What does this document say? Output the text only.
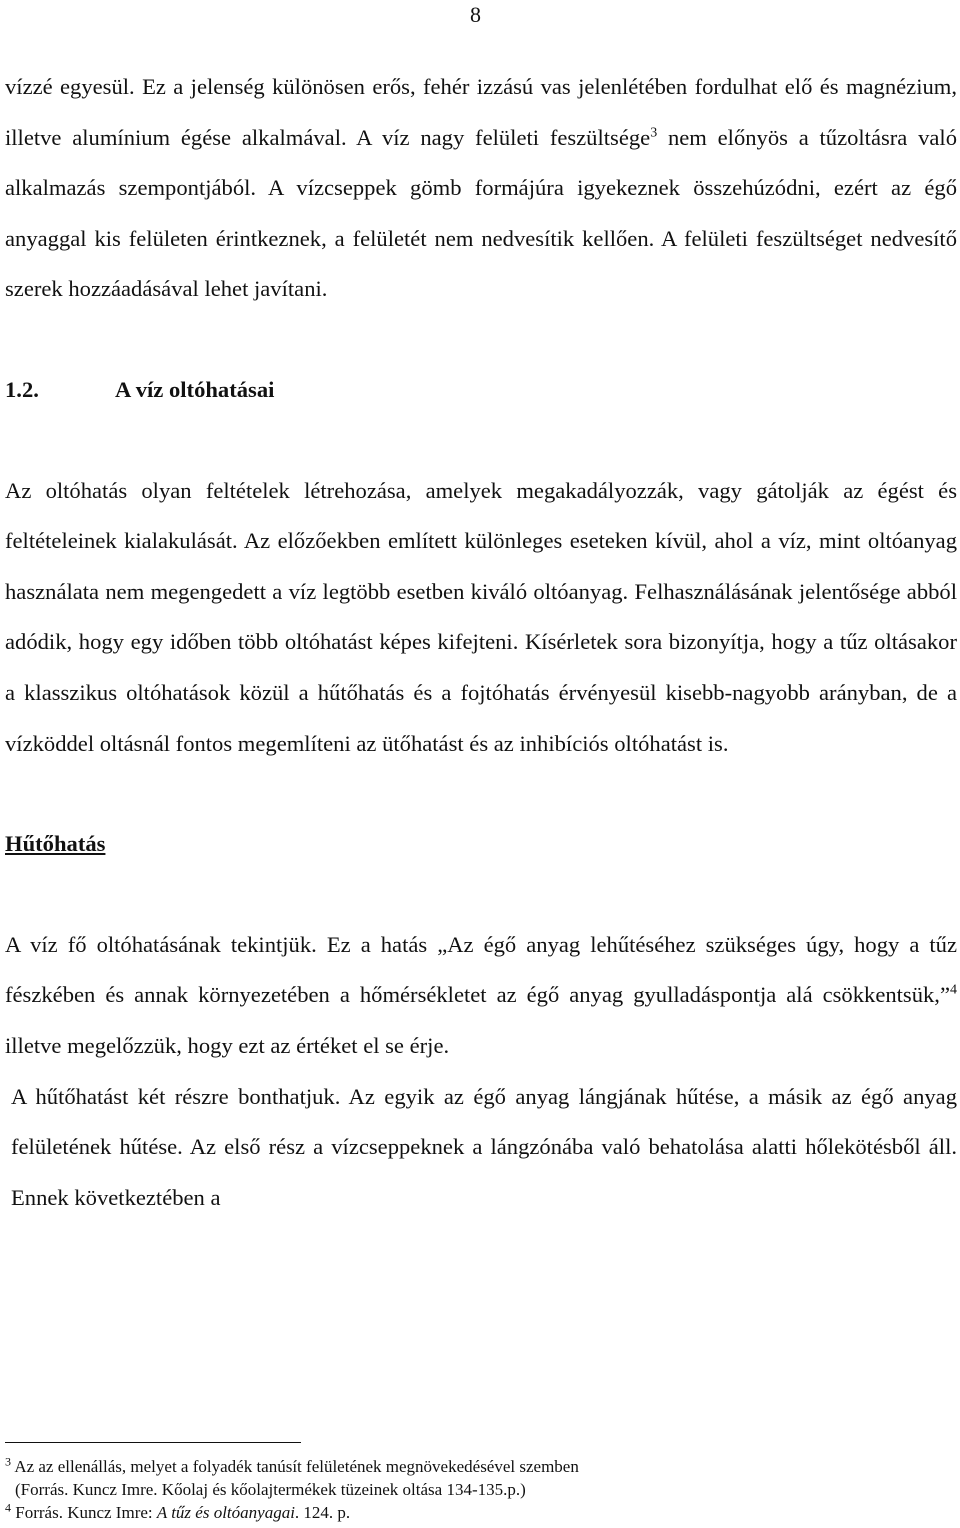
8

vízzé egyesül. Ez a jelenség különösen erős, fehér izzású vas jelenlétében fordulhat elő és magnézium, illetve alumínium égése alkalmával. A víz nagy felületi feszültsége$^3$ nem előnyös a tűzoltásra való alkalmazás szempontjából. A vízcseppek gömb formájúra igyekeznek összehúzódni, ezért az égő anyaggal kis felületen érintkeznek, a felületét nem nedvesítik kellően. A felületi feszültséget nedvesítő szerek hozzáadásával lehet javítani.

1.2.	A víz oltóhatásai

Az oltóhatás olyan feltételek létrehozása, amelyek megakadályozzák, vagy gátolják az égést és feltételeinek kialakulását. Az előzőekben említett különleges eseteken kívül, ahol a víz, mint oltóanyag használata nem megengedett a víz legtöbb esetben kiváló oltóanyag. Felhasználásának jelentősége abból adódik, hogy egy időben több oltóhatást képes kifejteni. Kísérletek sora bizonyítja, hogy a tűz oltásakor a klasszikus oltóhatások közül a hűtőhatás és a fojtóhatás érvényesül kisebb-nagyobb arányban, de a vízköddel oltásnál fontos megemlíteni az ütőhatást és az inhibíciós oltóhatást is.

Hűtőhatás

A víz fő oltóhatásának tekintjük. Ez a hatás „Az égő anyag lehűtéséhez szükséges úgy, hogy a tűz fészkében és annak környezetében a hőmérsékletet az égő anyag gyulladáspontja alá csökkentsük,”$^4$ illetve megelőzzük, hogy ezt az értéket el se érje.

A hűtőhatást két részre bonthatjuk. Az egyik az égő anyag lángjának hűtése, a másik az égő anyag felületének hűtése. Az első rész a vízcseppeknek a lángzónába való behatolása alatti hőlekötésből áll. Ennek következtében a

$^3$ Az az ellenállás, melyet a folyadék tanúsít felületének megnövekedésével szemben

(Forrás. Kuncz Imre. Kőolaj és kőolajtermékek tüzeinek oltása 134-135.p.)

$^4$ Forrás. Kuncz Imre: A tűz és oltóanyagai. 124. p.
